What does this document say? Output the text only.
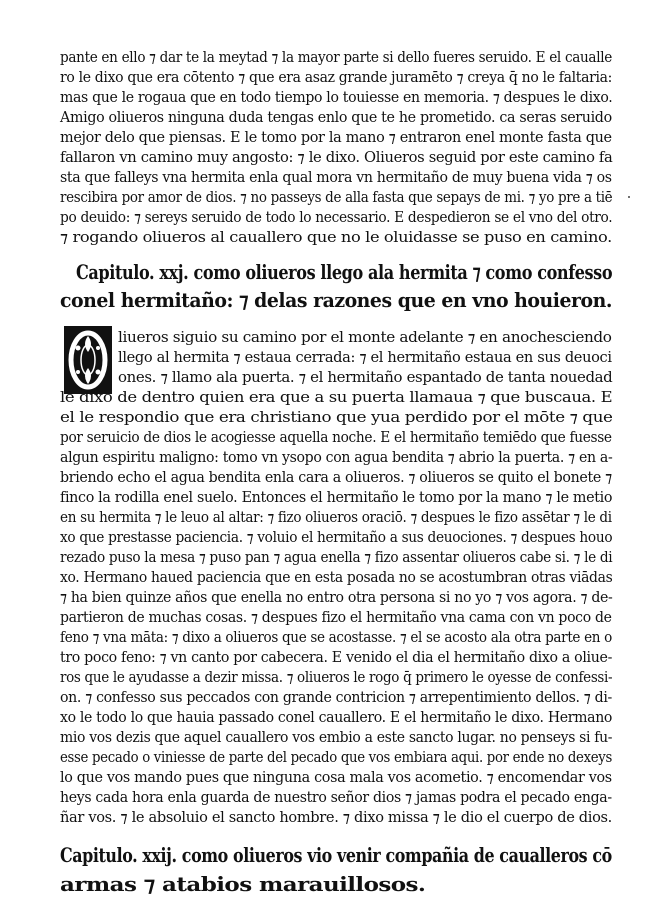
pante en ello ⁊ dar te la meytad ⁊ la mayor parte si dello fueres seruido. E el caualle
ro le dixo que era cōtento ⁊ que era asaz grande juramēto ⁊ creya q̄ no le faltaria:
mas que le rogaua que en todo tiempo lo touiesse en memoria. ⁊ despues le dixo.
Amigo oliueros ninguna duda tengas enlo que te he prometido. ca seras seruido
mejor delo que piensas. E le tomo por la mano ⁊ entraron enel monte fasta que
fallaron vn camino muy angosto: ⁊ le dixo. Oliueros seguid por este camino fa
sta que falleys vna hermita enla qual mora vn hermitaño de muy buena vida ⁊ os
rescibira por amor de dios. ⁊ no passeys de alla fasta que sepays de mi. ⁊ yo pre a tiē
po deuido: ⁊ sereys seruido de todo lo necessario. E despedieron se el vno del otro.
⁊ rogando oliueros al cauallero que no le oluidasse se puso en camino.
Capitulo. xxj. como oliueros llego ala hermita ⁊ como confesso
conel hermitaño: ⁊ delas razones que en vno houieron.
liueros siguio su camino por el monte adelante ⁊ en anochesciendo
llego al hermita ⁊ estaua cerrada: ⁊ el hermitaño estaua en sus deuoci
ones. ⁊ llamo ala puerta. ⁊ el hermitaño espantado de tanta nouedad
le dixo de dentro quien era que a su puerta llamaua ⁊ que buscaua. E
el le respondio que era christiano que yua perdido por el mōte ⁊ que
por seruicio de dios le acogiesse aquella noche. E el hermitaño temiēdo que fuesse
algun espiritu maligno: tomo vn ysopo con agua bendita ⁊ abrio la puerta. ⁊ en a-
briendo echo el agua bendita enla cara a oliueros. ⁊ oliueros se quito el bonete ⁊
finco la rodilla enel suelo. Entonces el hermitaño le tomo por la mano ⁊ le metio
en su hermita ⁊ le leuo al altar: ⁊ fizo oliueros oraciō. ⁊ despues le fizo assētar ⁊ le di
xo que prestasse paciencia. ⁊ voluio el hermitaño a sus deuociones. ⁊ despues houo
rezado puso la mesa ⁊ puso pan ⁊ agua enella ⁊ fizo assentar oliueros cabe si. ⁊ le di
xo. Hermano haued paciencia que en esta posada no se acostumbran otras viādas
⁊ ha bien quinze años que enella no entro otra persona si no yo ⁊ vos agora. ⁊ de-
partieron de muchas cosas. ⁊ despues fizo el hermitaño vna cama con vn poco de
feno ⁊ vna māta: ⁊ dixo a oliueros que se acostasse. ⁊ el se acosto ala otra parte en o
tro poco feno: ⁊ vn canto por cabecera. E venido el dia el hermitaño dixo a oliue-
ros que le ayudasse a dezir missa. ⁊ oliueros le rogo q̄ primero le oyesse de confessi-
on. ⁊ confesso sus peccados con grande contricion ⁊ arrepentimiento dellos. ⁊ di-
xo le todo lo que hauia passado conel cauallero. E el hermitaño le dixo. Hermano
mio vos dezis que aquel cauallero vos embio a este sancto lugar. no penseys si fu-
esse pecado o viniesse de parte del pecado que vos embiara aqui. por ende no dexeys
lo que vos mando pues que ninguna cosa mala vos acometio. ⁊ encomendar vos
heys cada hora enla guarda de nuestro señor dios ⁊ jamas podra el pecado enga-
ñar vos. ⁊ le absoluio el sancto hombre. ⁊ dixo missa ⁊ le dio el cuerpo de dios.
Capitulo. xxij. como oliueros vio venir compañia de caualleros cō
armas ⁊ atabios marauillosos.
